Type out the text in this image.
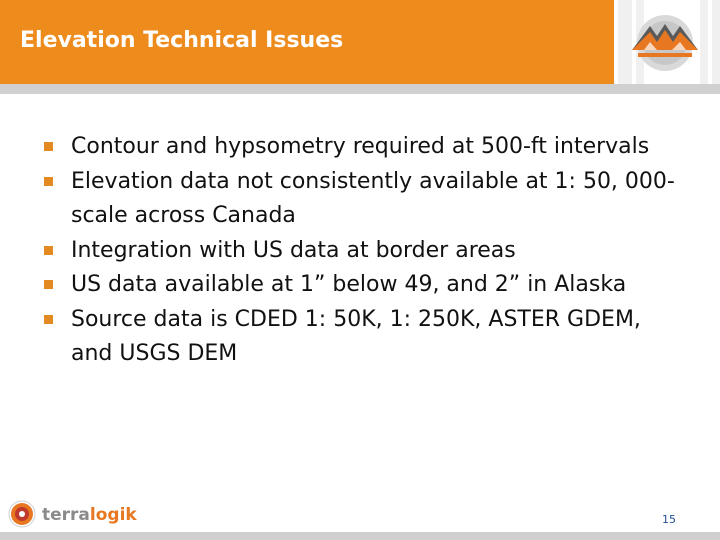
Elevation Technical Issues
Contour and hypsometry required at 500-ft intervals
Elevation data not consistently available at 1: 50, 000-scale across Canada
Integration with US data at border areas
US data available at 1” below 49, and 2” in Alaska
Source data is CDED 1: 50K, 1: 250K, ASTER GDEM, and USGS DEM
terralogik	15
